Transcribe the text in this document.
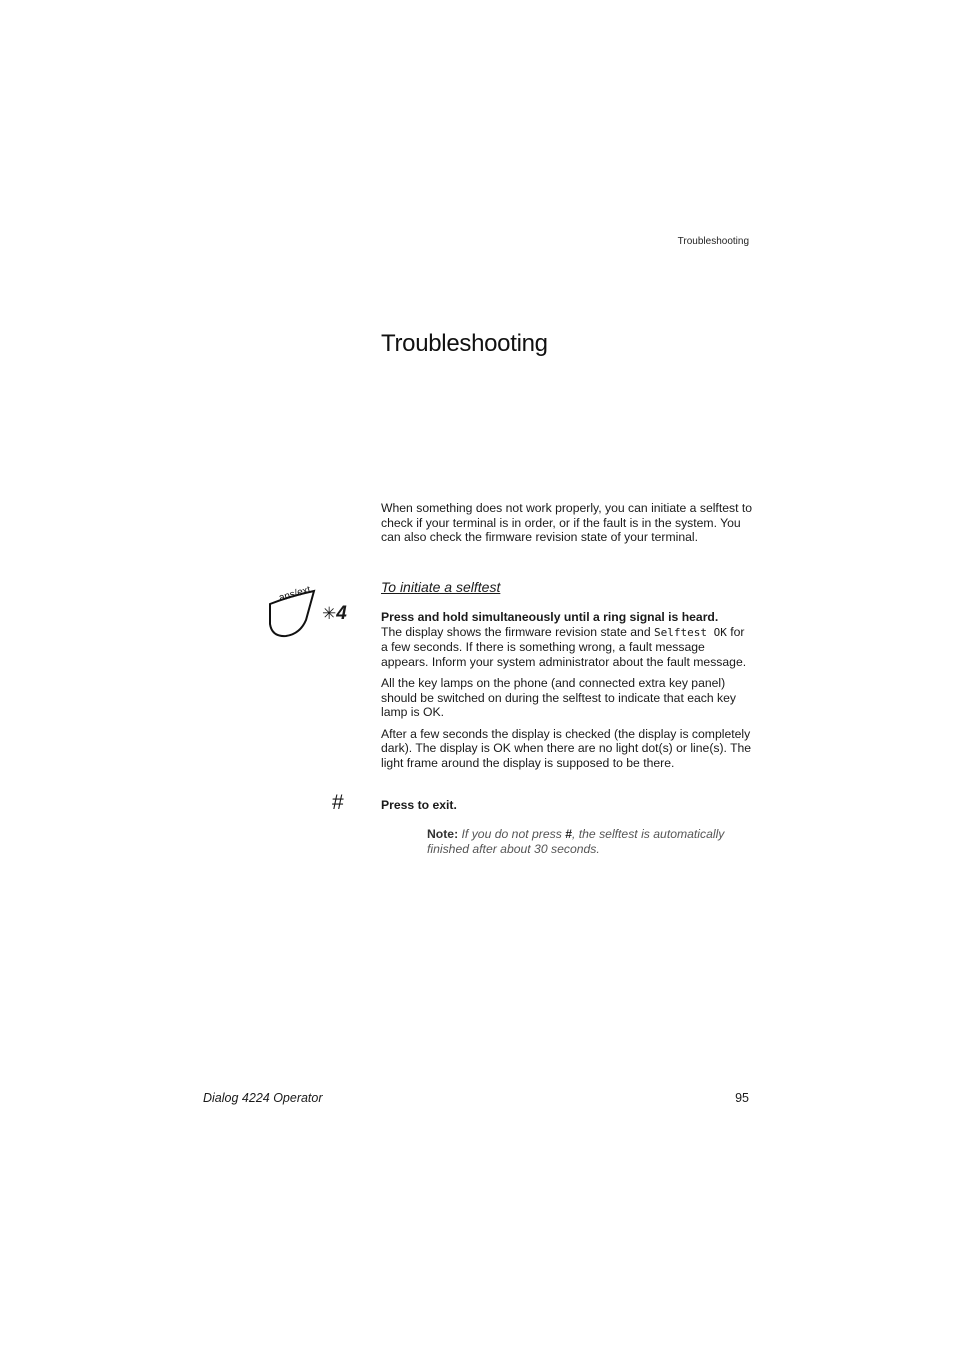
Troubleshooting
Troubleshooting

When something does not work properly, you can initiate a selftest to check if your terminal is in order, or if the fault is in the system. You can also check the firmware revision state of your terminal.

To initiate a selftest
ans/ext
✳4	Press and hold simultaneously until a ring signal is heard.
The display shows the firmware revision state and Selftest OK for a few seconds. If there is something wrong, a fault message appears. Inform your system administrator about the fault message.

All the key lamps on the phone (and connected extra key panel) should be switched on during the selftest to indicate that each key lamp is OK.

After a few seconds the display is checked (the display is completely dark). The display is OK when there are no light dot(s) or line(s). The light frame around the display is supposed to be there.

#	Press to exit.
Note: If you do not press #, the selftest is automatically finished after about 30 seconds.
Dialog 4224 Operator	95
